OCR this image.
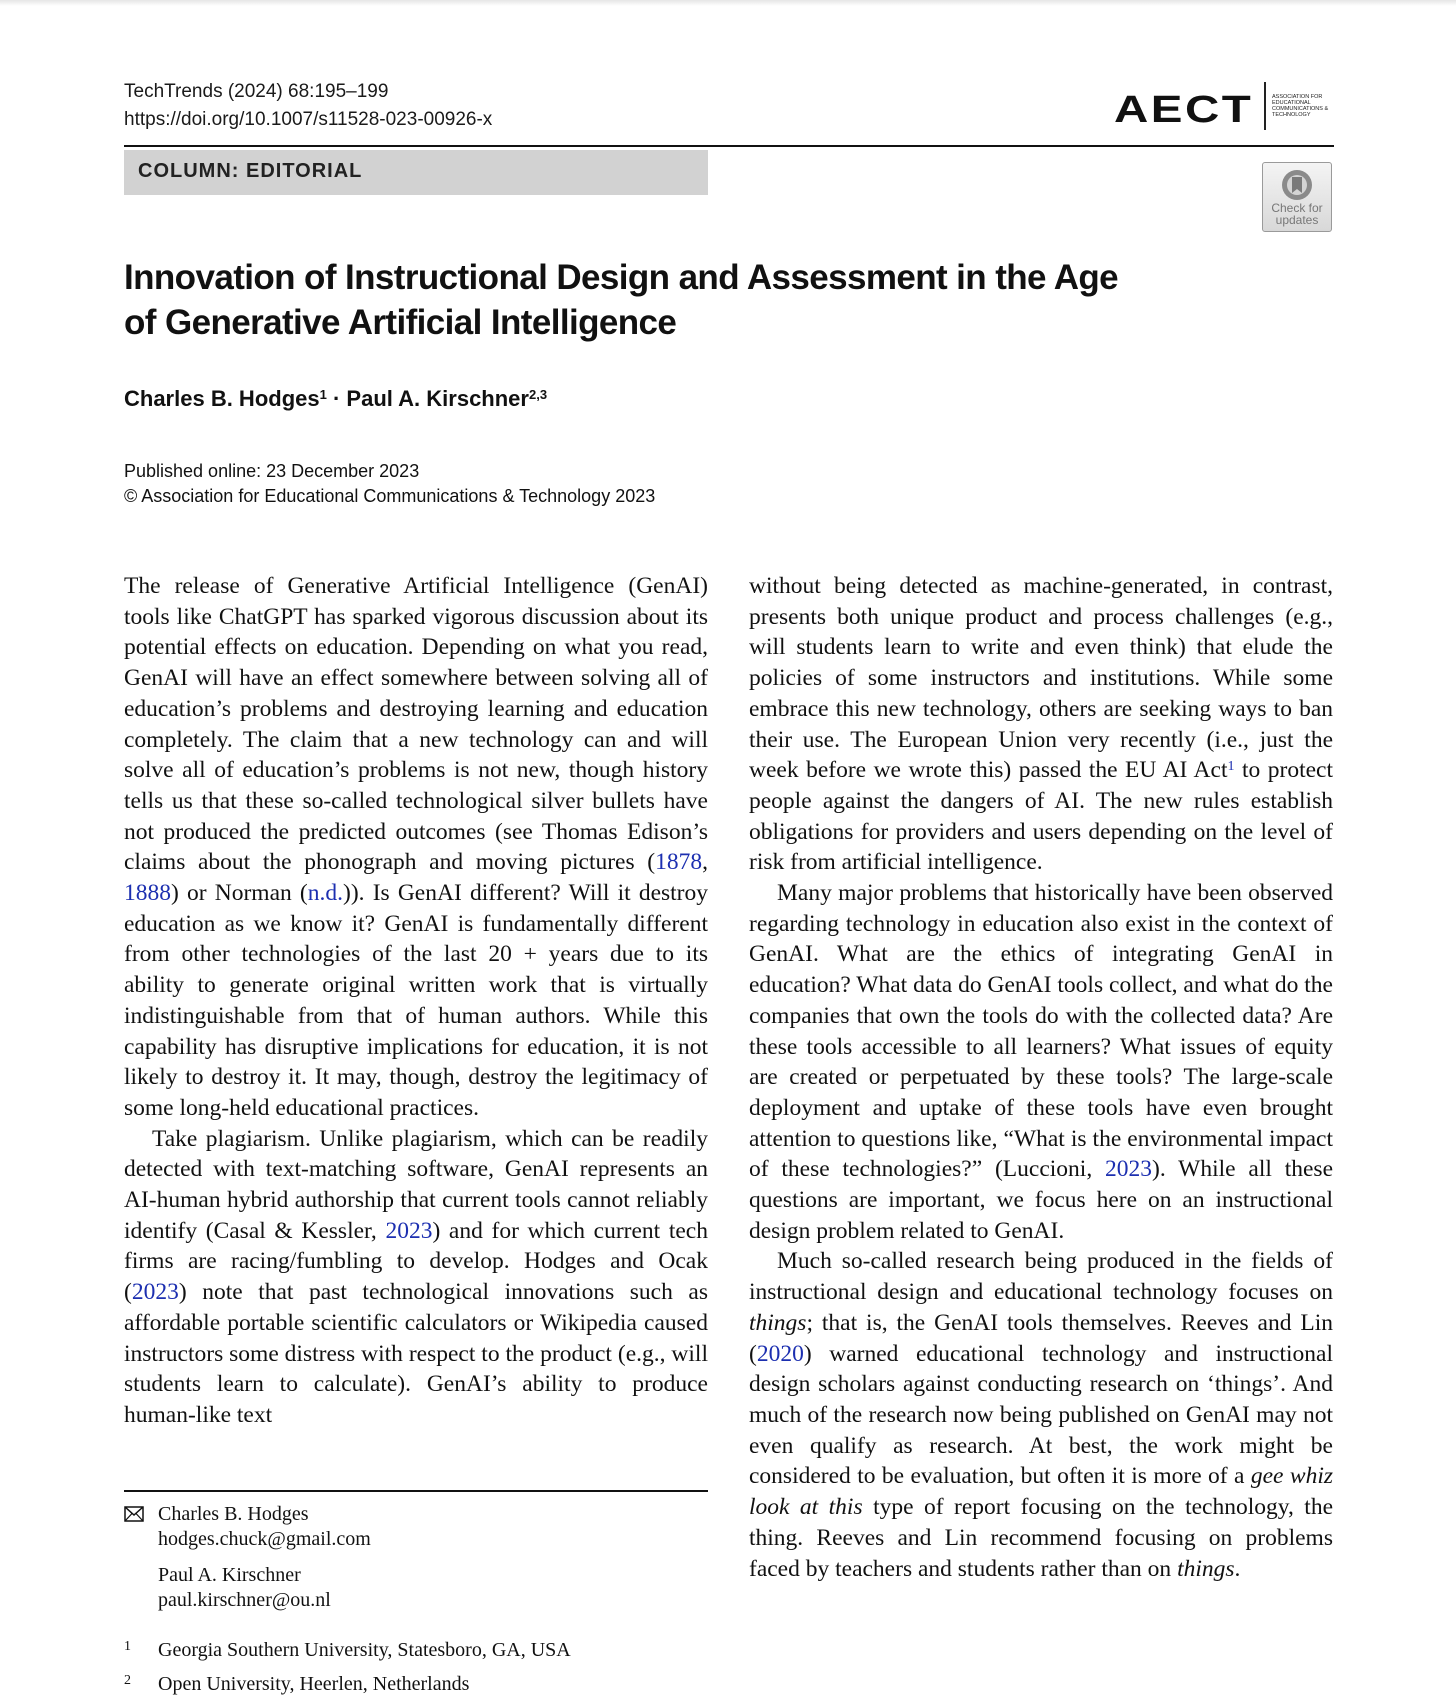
TechTrends (2024) 68:195–199
https://doi.org/10.1007/s11528-023-00926-x	AECT	ASSOCIATION FOR EDUCATIONAL COMMUNICATIONS & TECHNOLOGY
COLUMN: EDITORIAL
Check for
updates
Innovation of Instructional Design and Assessment in the Age
of Generative Artificial Intelligence
Charles B. Hodges$^1$ · Paul A. Kirschner$^{2,3}$
Published online: 23 December 2023
© Association for Educational Communications & Technology 2023

The release of Generative Artificial Intelligence (GenAI) tools like ChatGPT has sparked vigorous discussion about its potential effects on education. Depending on what you read, GenAI will have an effect somewhere between solving all of education’s problems and destroying learning and education completely. The claim that a new technology can and will solve all of education’s problems is not new, though history tells us that these so-called technological silver bullets have not produced the predicted outcomes (see Thomas Edison’s claims about the phonograph and moving pictures (1878, 1888) or Norman (n.d.)). Is GenAI different? Will it destroy education as we know it? GenAI is fundamentally different from other technologies of the last 20 + years due to its ability to generate original written work that is virtually indistinguishable from that of human authors. While this capability has disruptive implications for education, it is not likely to destroy it. It may, though, destroy the legitimacy of some long-held educational practices.

Take plagiarism. Unlike plagiarism, which can be readily detected with text-matching software, GenAI represents an AI-human hybrid authorship that current tools cannot reliably identify (Casal & Kessler, 2023) and for which current tech firms are racing/fumbling to develop. Hodges and Ocak (2023) note that past technological innovations such as affordable portable scientific calculators or Wikipedia caused instructors some distress with respect to the product (e.g., will students learn to calculate). GenAI’s ability to produce human-like text

without being detected as machine-generated, in contrast, presents both unique product and process challenges (e.g., will students learn to write and even think) that elude the policies of some instructors and institutions. While some embrace this new technology, others are seeking ways to ban their use. The European Union very recently (i.e., just the week before we wrote this) passed the EU AI Act$^1$ to protect people against the dangers of AI. The new rules establish obligations for providers and users depending on the level of risk from artificial intelligence.

Many major problems that historically have been observed regarding technology in education also exist in the context of GenAI. What are the ethics of integrating GenAI in education? What data do GenAI tools collect, and what do the companies that own the tools do with the collected data? Are these tools accessible to all learners? What issues of equity are created or perpetuated by these tools? The large-scale deployment and uptake of these tools have even brought attention to questions like, “What is the environmental impact of these technologies?” (Luccioni, 2023). While all these questions are important, we focus here on an instructional design problem related to GenAI.

Much so-called research being produced in the fields of instructional design and educational technology focuses on things; that is, the GenAI tools themselves. Reeves and Lin (2020) warned educational technology and instructional design scholars against conducting research on ‘things’. And much of the research now being published on GenAI may not even qualify as research. At best, the work might be considered to be evaluation, but often it is more of a gee whiz look at this type of report focusing on the technology, the thing. Reeves and Lin recommend focusing on problems faced by teachers and students rather than on things.

Charles B. Hodges
hodges.chuck@gmail.com
Paul A. Kirschner
paul.kirschner@ou.nl
1 Georgia Southern University, Statesboro, GA, USA
2 Open University, Heerlen, Netherlands
